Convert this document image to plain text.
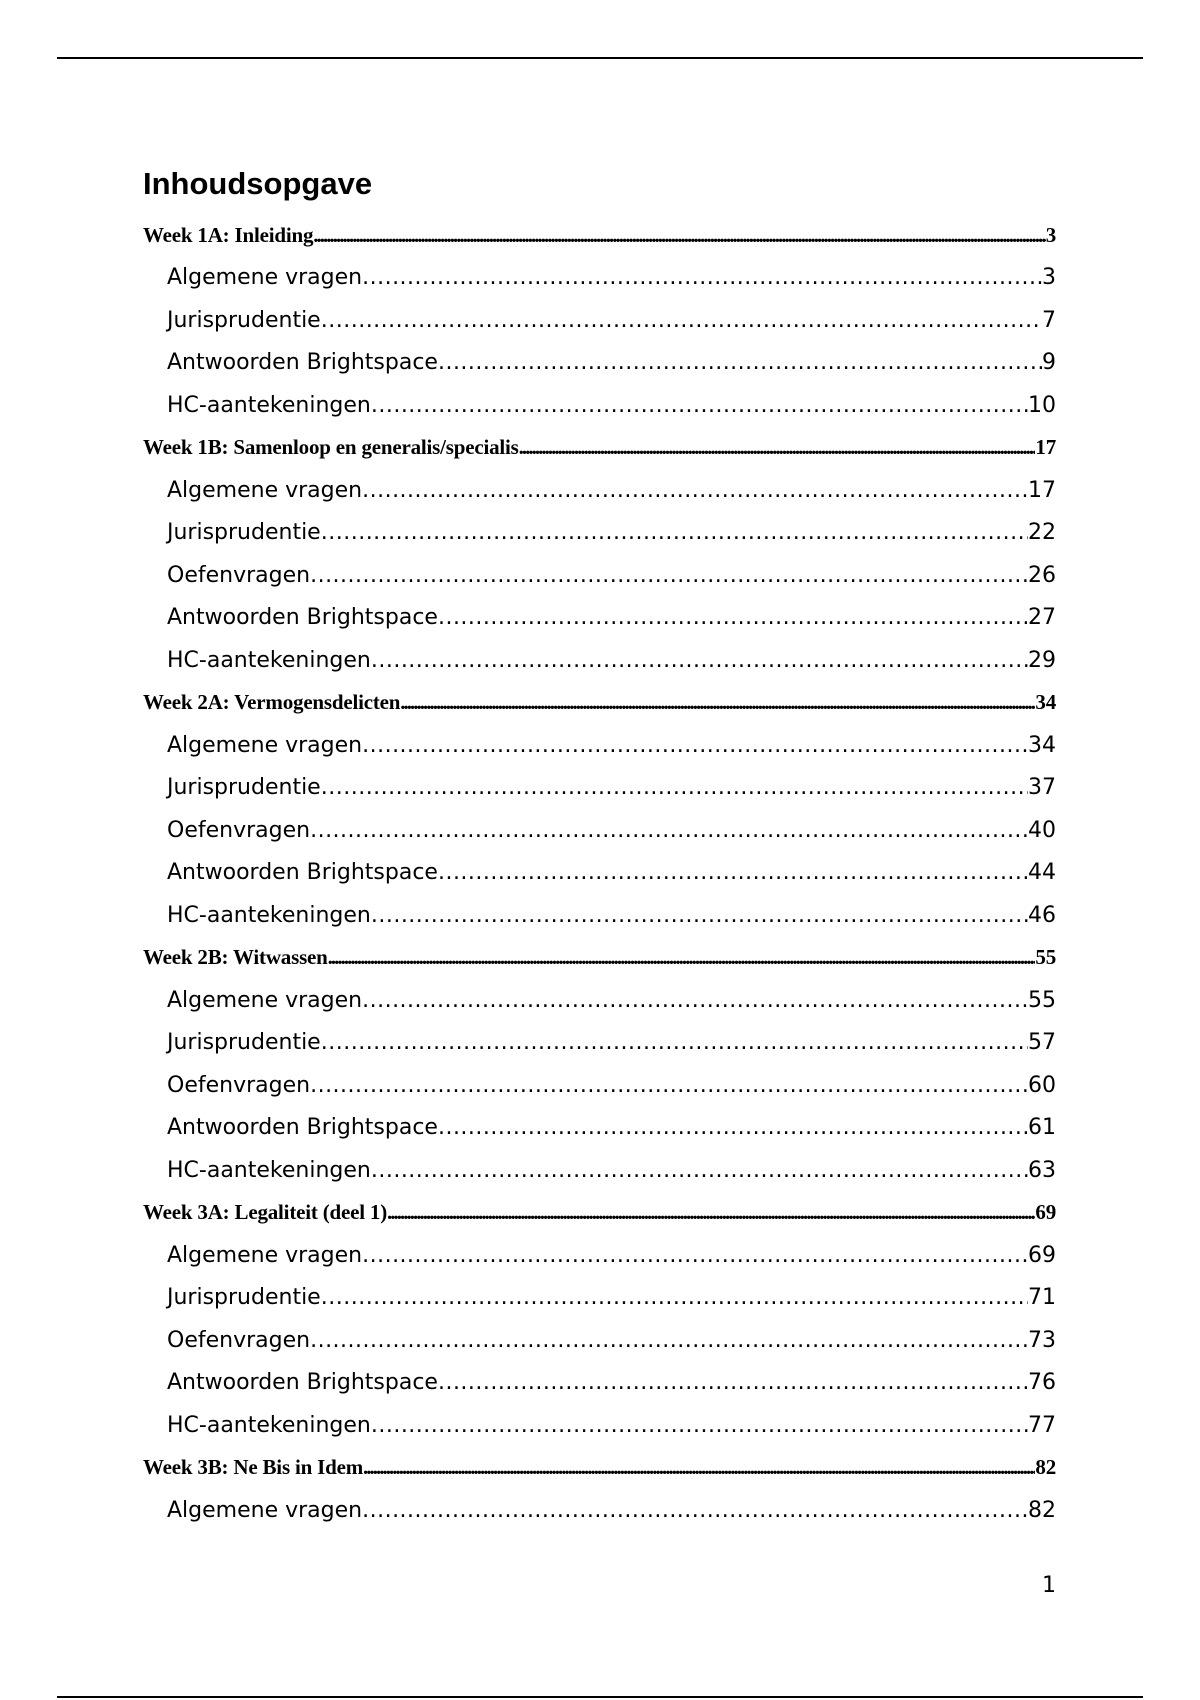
Inhoudsopgave
Week 1A: Inleiding .....	3
Algemene vragen .....	3
Jurisprudentie .....	7
Antwoorden Brightspace .....	9
HC-aantekeningen .....	10
Week 1B: Samenloop en generalis/specialis .....	17
Algemene vragen .....	17
Jurisprudentie .....	22
Oefenvragen .....	26
Antwoorden Brightspace .....	27
HC-aantekeningen .....	29
Week 2A: Vermogensdelicten .....	34
Algemene vragen .....	34
Jurisprudentie .....	37
Oefenvragen .....	40
Antwoorden Brightspace .....	44
HC-aantekeningen .....	46
Week 2B: Witwassen .....	55
Algemene vragen .....	55
Jurisprudentie .....	57
Oefenvragen .....	60
Antwoorden Brightspace .....	61
HC-aantekeningen .....	63
Week 3A: Legaliteit (deel 1) .....	69
Algemene vragen .....	69
Jurisprudentie .....	71
Oefenvragen .....	73
Antwoorden Brightspace .....	76
HC-aantekeningen .....	77
Week 3B: Ne Bis in Idem .....	82
Algemene vragen .....	82
1
